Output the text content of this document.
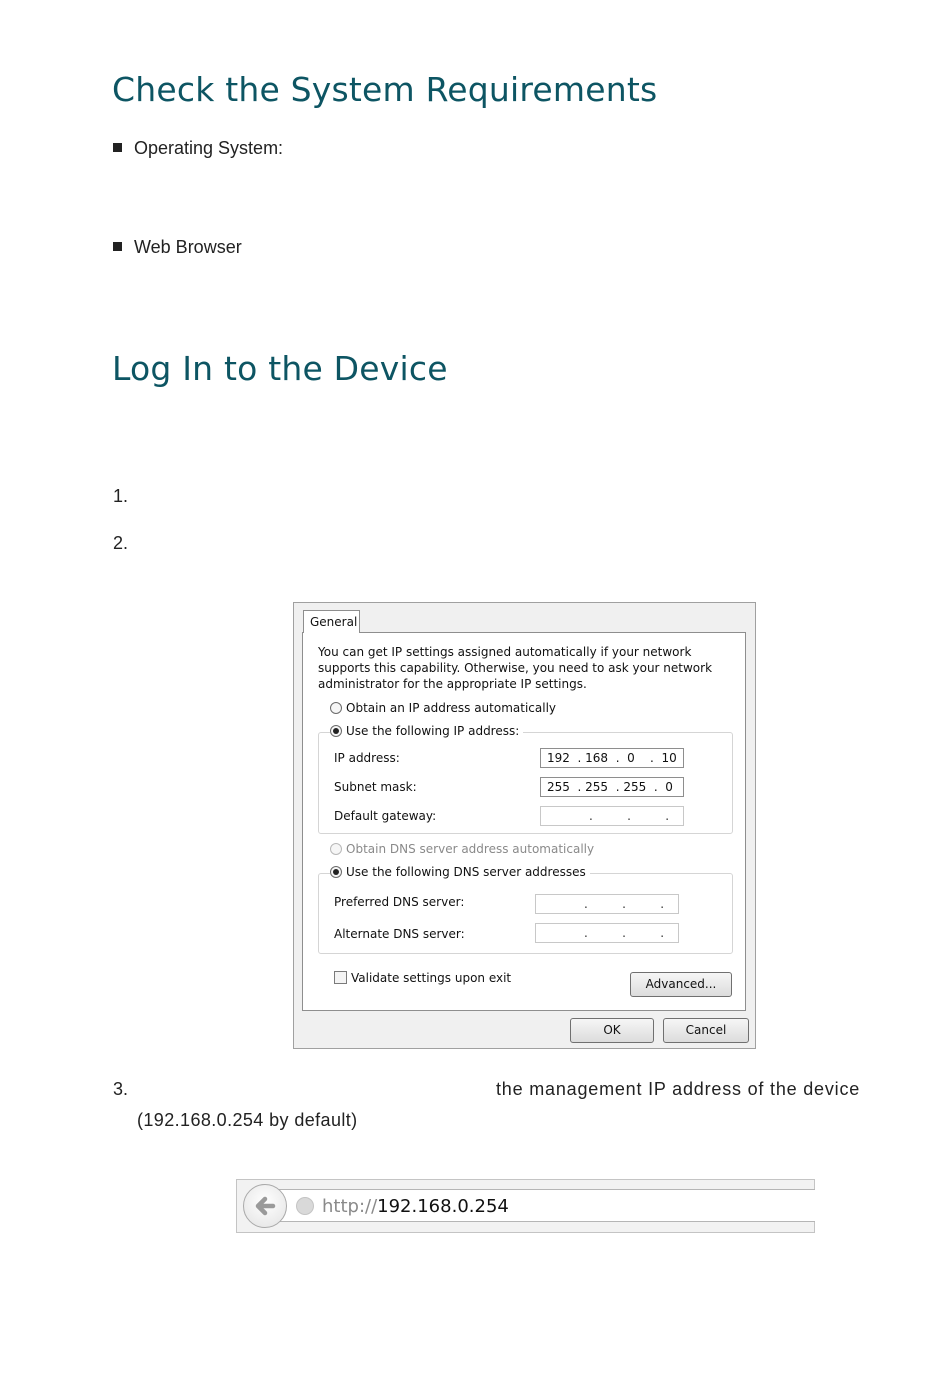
Check the System Requirements
Operating System:
Web Browser
Log In to the Device
1.
2.
General
You can get IP settings assigned automatically if your network supports this capability. Otherwise, you need to ask your network administrator for the appropriate IP settings.
Obtain an IP address automatically
Use the following IP address:
IP address:	192  . 168  .  0    .  10
Subnet mask:	255  . 255  . 255  .  0
Default gateway:	.         .         .
Obtain DNS server address automatically
Use the following DNS server addresses
Preferred DNS server:	.         .         .
Alternate DNS server:	.         .         .
Validate settings upon exit	Advanced...
OK	Cancel
3.	the management IP address of the device
(192.168.0.254 by default)
http://192.168.0.254
